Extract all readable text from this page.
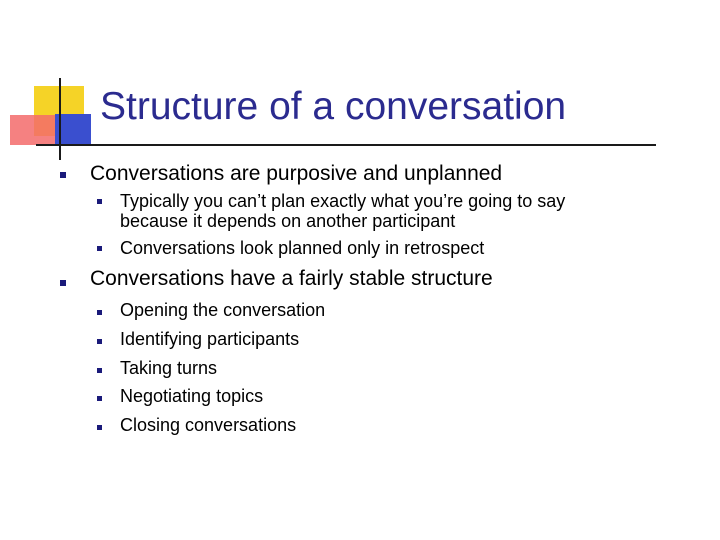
Structure of a conversation
Conversations are purposive and unplanned
Typically you can’t plan exactly what you’re going to say
because it depends on another participant
Conversations look planned only in retrospect
Conversations have a fairly stable structure
Opening the conversation
Identifying participants
Taking turns
Negotiating topics
Closing conversations
